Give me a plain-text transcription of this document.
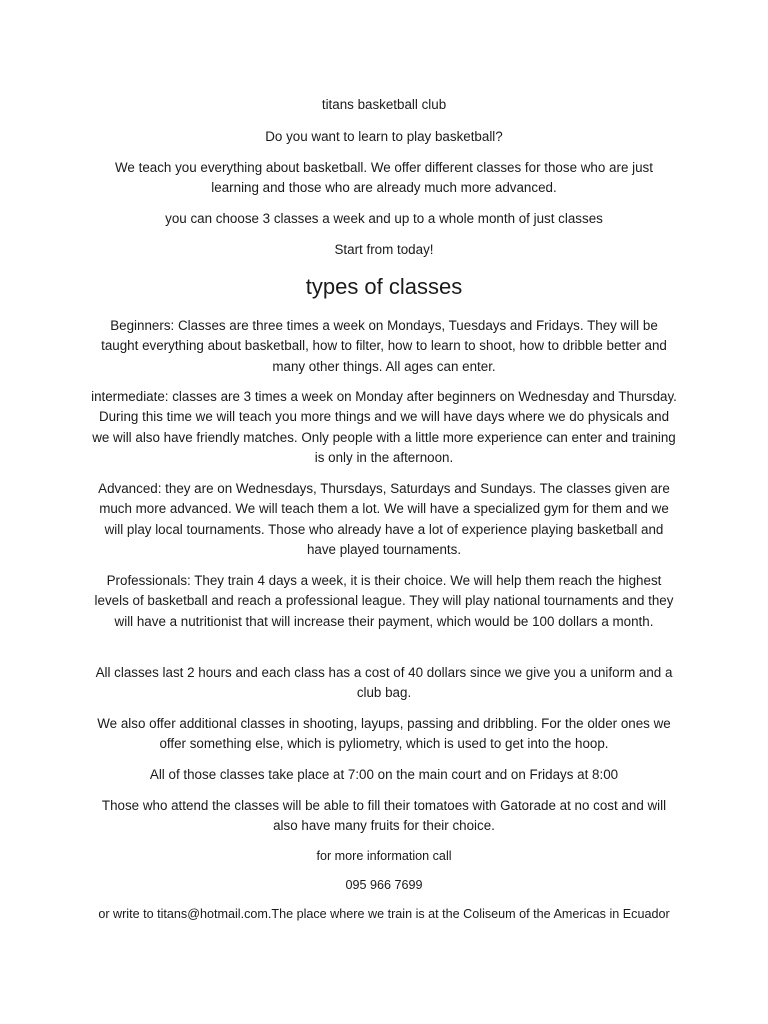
titans basketball club

Do you want to learn to play basketball?

We teach you everything about basketball. We offer different classes for those who are just learning and those who are already much more advanced.

you can choose 3 classes a week and up to a whole month of just classes

Start from today!

types of classes

Beginners: Classes are three times a week on Mondays, Tuesdays and Fridays. They will be taught everything about basketball, how to filter, how to learn to shoot, how to dribble better and many other things. All ages can enter.

intermediate: classes are 3 times a week on Monday after beginners on Wednesday and Thursday. During this time we will teach you more things and we will have days where we do physicals and we will also have friendly matches. Only people with a little more experience can enter and training is only in the afternoon.

Advanced: they are on Wednesdays, Thursdays, Saturdays and Sundays. The classes given are much more advanced. We will teach them a lot. We will have a specialized gym for them and we will play local tournaments. Those who already have a lot of experience playing basketball and have played tournaments.

Professionals: They train 4 days a week, it is their choice. We will help them reach the highest levels of basketball and reach a professional league. They will play national tournaments and they will have a nutritionist that will increase their payment, which would be 100 dollars a month.

All classes last 2 hours and each class has a cost of 40 dollars since we give you a uniform and a club bag.

We also offer additional classes in shooting, layups, passing and dribbling. For the older ones we offer something else, which is pyliometry, which is used to get into the hoop.

All of those classes take place at 7:00 on the main court and on Fridays at 8:00

Those who attend the classes will be able to fill their tomatoes with Gatorade at no cost and will also have many fruits for their choice.

for more information call

095 966 7699

or write to titans@hotmail.com.The place where we train is at the Coliseum of the Americas in Ecuador
